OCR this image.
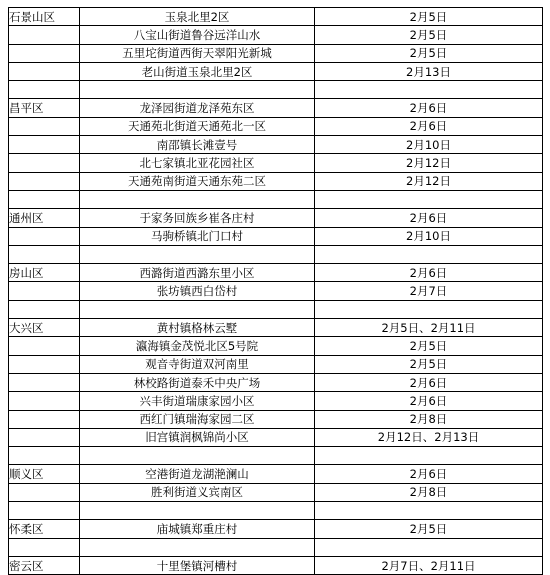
石景山区	玉泉北里2区	2月5日
	八宝山街道鲁谷远洋山水	2月5日
	五里坨街道西街天翠阳光新城	2月5日
	老山街道玉泉北里2区	2月13日

昌平区	龙泽园街道龙泽苑东区	2月6日
	天通苑北街道天通苑北一区	2月6日
	南邵镇长滩壹号	2月10日
	北七家镇北亚花园社区	2月12日
	天通苑南街道天通东苑二区	2月12日

通州区	于家务回族乡崔各庄村	2月6日
	马驹桥镇北门口村	2月10日

房山区	西潞街道西潞东里小区	2月6日
	张坊镇西白岱村	2月7日

大兴区	黄村镇格林云墅	2月5日、2月11日
	瀛海镇金茂悦北区5号院	2月5日
	观音寺街道双河南里	2月5日
	林校路街道泰禾中央广场	2月6日
	兴丰街道瑞康家园小区	2月6日
	西红门镇瑞海家园二区	2月8日
	旧宫镇润枫锦尚小区	2月12日、2月13日

顺义区	空港街道龙湖滟澜山	2月6日
	胜利街道义宾南区	2月8日

怀柔区	庙城镇郑重庄村	2月5日

密云区	十里堡镇河槽村	2月7日、2月11日
